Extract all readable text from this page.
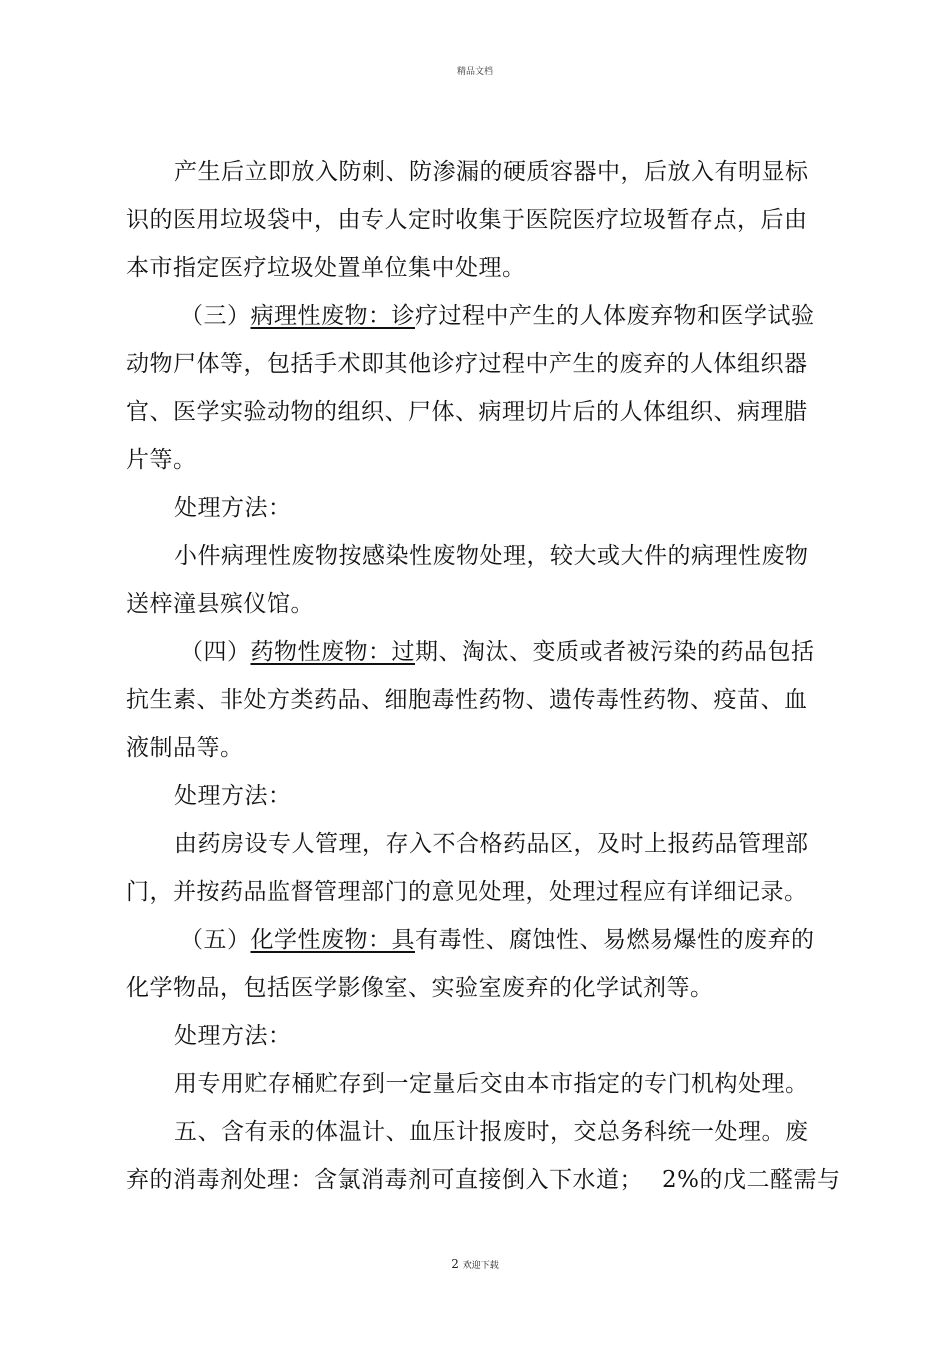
精品文档
产生后立即放入防刺、防渗漏的硬质容器中，后放入有明显标
识的医用垃圾袋中，由专人定时收集于医院医疗垃圾暂存点，后由
本市指定医疗垃圾处置单位集中处理。
（三）病理性废物：诊疗过程中产生的人体废弃物和医学试验
动物尸体等，包括手术即其他诊疗过程中产生的废弃的人体组织器
官、医学实验动物的组织、尸体、病理切片后的人体组织、病理腊
片等。
处理方法：
小件病理性废物按感染性废物处理，较大或大件的病理性废物
送梓潼县殡仪馆。
（四）药物性废物：过期、淘汰、变质或者被污染的药品包括
抗生素、非处方类药品、细胞毒性药物、遗传毒性药物、疫苗、血
液制品等。
处理方法：
由药房设专人管理，存入不合格药品区，及时上报药品管理部
门，并按药品监督管理部门的意见处理，处理过程应有详细记录。
（五）化学性废物：具有毒性、腐蚀性、易燃易爆性的废弃的
化学物品，包括医学影像室、实验室废弃的化学试剂等。
处理方法：
用专用贮存桶贮存到一定量后交由本市指定的专门机构处理。
五、含有汞的体温计、血压计报废时，交总务科统一处理。废
弃的消毒剂处理：含氯消毒剂可直接倒入下水道； 2%的戊二醛需与
2 欢迎下载
